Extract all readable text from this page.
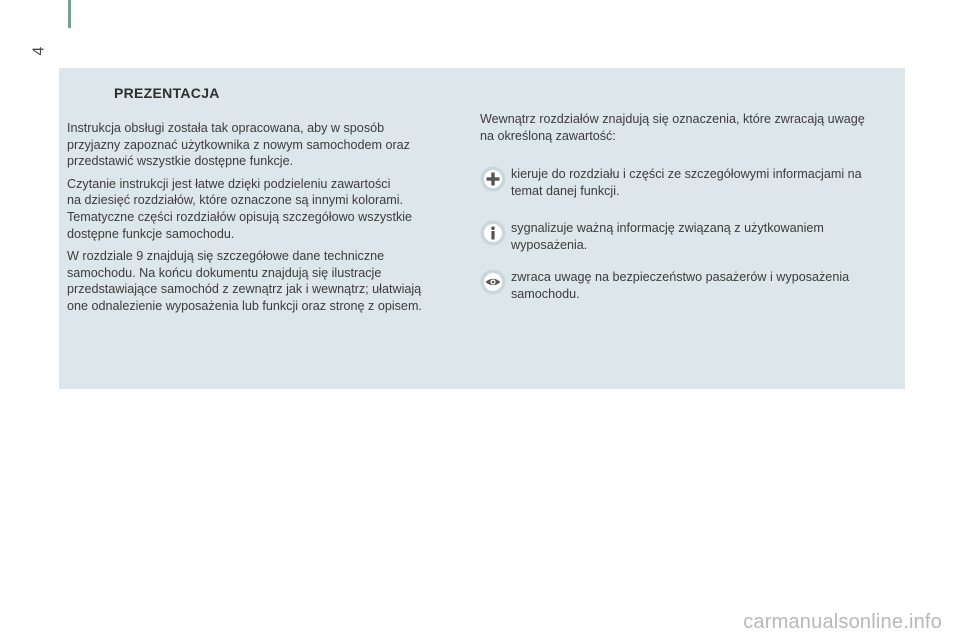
4
PREZENTACJA

Instrukcja obsługi została tak opracowana, aby w sposób
przyjazny zapoznać użytkownika z nowym samochodem oraz
przedstawić wszystkie dostępne funkcje.

Czytanie instrukcji jest łatwe dzięki podzieleniu zawartości
na dziesięć rozdziałów, które oznaczone są innymi kolorami.
Tematyczne części rozdziałów opisują szczegółowo wszystkie
dostępne funkcje samochodu.

W rozdziale 9 znajdują się szczegółowe dane techniczne
samochodu. Na końcu dokumentu znajdują się ilustracje
przedstawiające samochód z zewnątrz jak i wewnątrz; ułatwiają
one odnalezienie wyposażenia lub funkcji oraz stronę z opisem.

Wewnątrz rozdziałów znajdują się oznaczenia, które zwracają uwagę
na określoną zawartość:
kieruje do rozdziału i części ze szczegółowymi informacjami na
temat danej funkcji.
sygnalizuje ważną informację związaną z użytkowaniem
wyposażenia.
zwraca uwagę na bezpieczeństwo pasażerów i wyposażenia
samochodu.
carmanualsonline.info
